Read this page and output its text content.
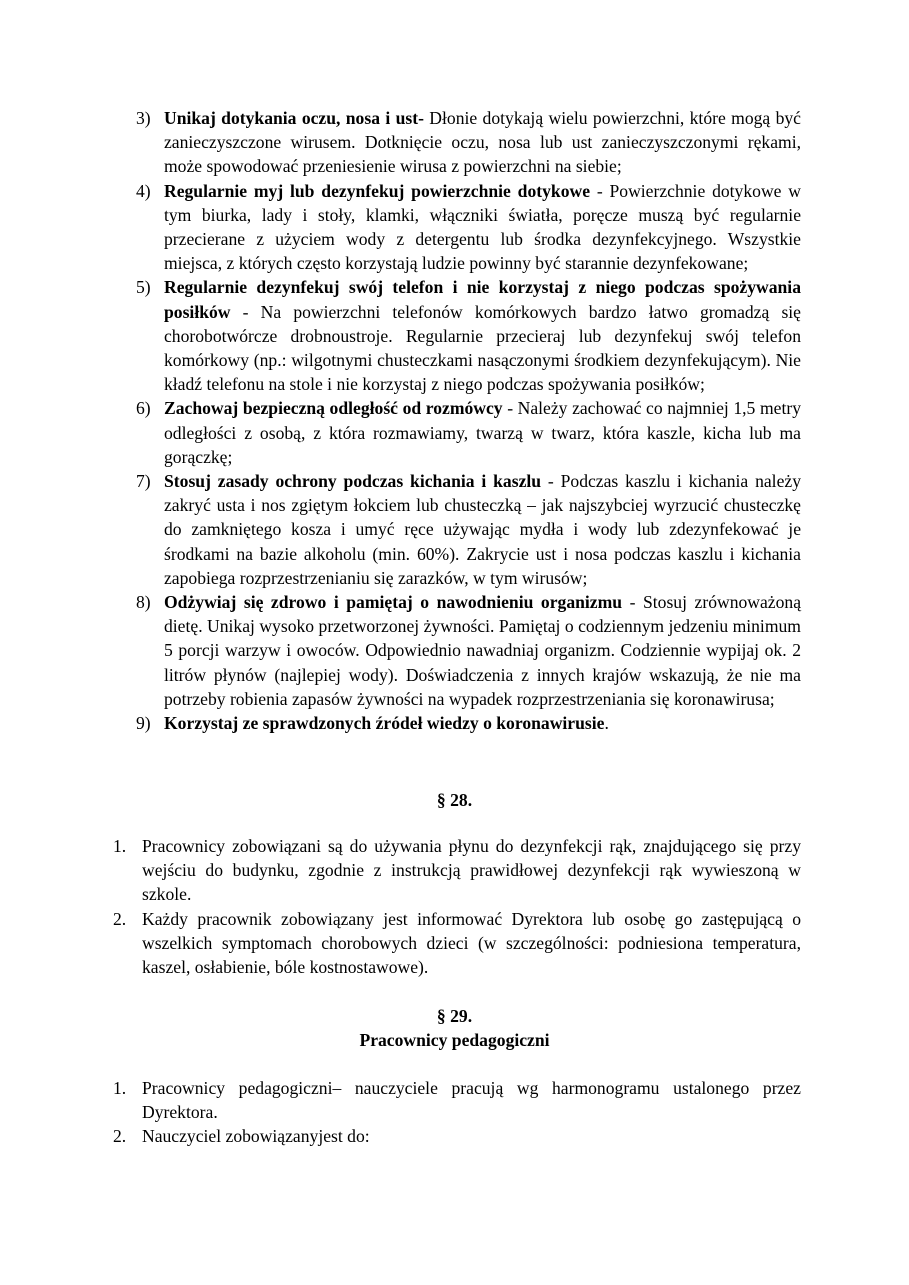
3) Unikaj dotykania oczu, nosa i ust- Dłonie dotykają wielu powierzchni, które mogą być zanieczyszczone wirusem. Dotknięcie oczu, nosa lub ust zanieczyszczonymi rękami, może spowodować przeniesienie wirusa z powierzchni na siebie;
4) Regularnie myj lub dezynfekuj powierzchnie dotykowe - Powierzchnie dotykowe w tym biurka, lady i stoły, klamki, włączniki światła, poręcze muszą być regularnie przecierane z użyciem wody z detergentu lub środka dezynfekcyjnego. Wszystkie miejsca, z których często korzystają ludzie powinny być starannie dezynfekowane;
5) Regularnie dezynfekuj swój telefon i nie korzystaj z niego podczas spożywania posiłków - Na powierzchni telefonów komórkowych bardzo łatwo gromadzą się chorobotwórcze drobnoustroje. Regularnie przecieraj lub dezynfekuj swój telefon komórkowy (np.: wilgotnymi chusteczkami nasączonymi środkiem dezynfekującym). Nie kładź telefonu na stole i nie korzystaj z niego podczas spożywania posiłków;
6) Zachowaj bezpieczną odległość od rozmówcy - Należy zachować co najmniej 1,5 metry odległości z osobą, z która rozmawiamy, twarzą w twarz, która kaszle, kicha lub ma gorączkę;
7) Stosuj zasady ochrony podczas kichania i kaszlu - Podczas kaszlu i kichania należy zakryć usta i nos zgiętym łokciem lub chusteczką – jak najszybciej wyrzucić chusteczkę do zamkniętego kosza i umyć ręce używając mydła i wody lub zdezynfekować je środkami na bazie alkoholu (min. 60%). Zakrycie ust i nosa podczas kaszlu i kichania zapobiega rozprzestrzenianiu się zarazków, w tym wirusów;
8) Odżywiaj się zdrowo i pamiętaj o nawodnieniu organizmu - Stosuj zrównoważoną dietę. Unikaj wysoko przetworzonej żywności. Pamiętaj o codziennym jedzeniu minimum 5 porcji warzyw i owoców. Odpowiednio nawadniaj organizm. Codziennie wypijaj ok. 2 litrów płynów (najlepiej wody). Doświadczenia z innych krajów wskazują, że nie ma potrzeby robienia zapasów żywności na wypadek rozprzestrzeniania się koronawirusa;
9) Korzystaj ze sprawdzonych źródeł wiedzy o koronawirusie.
§ 28.
1. Pracownicy zobowiązani są do używania płynu do dezynfekcji rąk, znajdującego się przy wejściu do budynku, zgodnie z instrukcją prawidłowej dezynfekcji rąk wywieszoną w szkole.
2. Każdy pracownik zobowiązany jest informować Dyrektora lub osobę go zastępującą o wszelkich symptomach chorobowych dzieci (w szczególności: podniesiona temperatura, kaszel, osłabienie, bóle kostnostawowe).
§ 29.
Pracownicy pedagogiczni
1. Pracownicy pedagogiczni– nauczyciele pracują wg harmonogramu ustalonego przez Dyrektora.
2. Nauczyciel zobowiązanyjest do:
